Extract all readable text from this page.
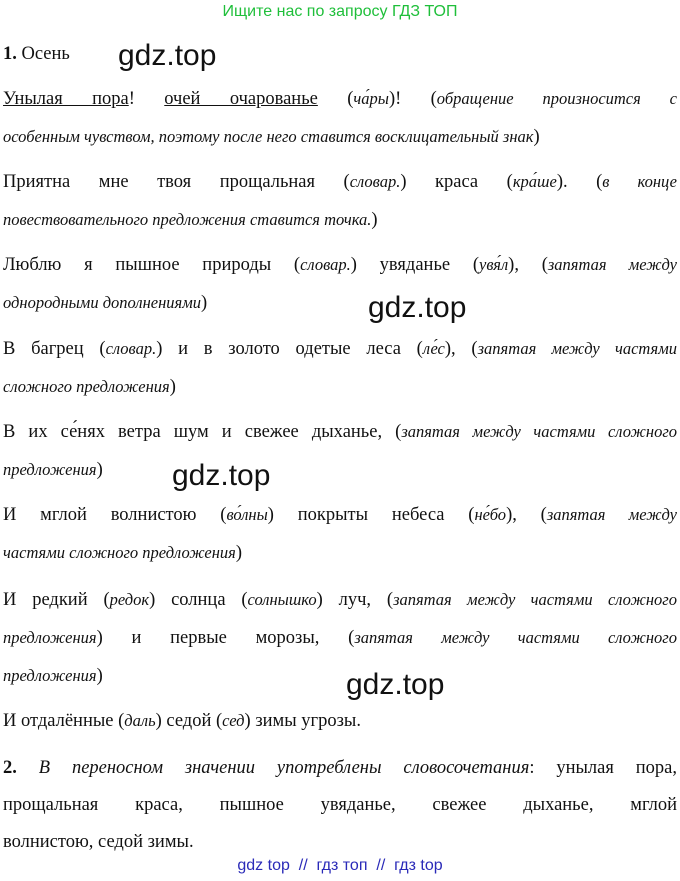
Ищите нас по запросу ГДЗ ТОП
gdz.top
gdz.top
gdz.top
gdz.top
1. Осень
Унылая пора! очей очарованье (ча́ры)! (обращение произносится с
особенным чувством, поэтому после него ставится восклицательный знак)
Приятна мне твоя прощальная (словар.) краса (кра́ше). (в конце
повествовательного предложения ставится точка.)
Люблю я пышное природы (словар.) увяданье (увя́л), (запятая между
однородными дополнениями)
В багрец (словар.) и в золото одетые леса (ле́с), (запятая между частями
сложного предложения)
В их се́нях ветра шум и свежее дыханье, (запятая между частями сложного
предложения)
И мглой волнистою (во́лны) покрыты небеса (не́бо), (запятая между
частями сложного предложения)
И редкий (редок) солнца (солнышко) луч, (запятая между частями сложного
предложения) и первые морозы, (запятая между частями сложного
предложения)
И отдалённые (даль) седой (сед) зимы угрозы.
2. В переносном значении употреблены словосочетания: унылая пора,
прощальная краса, пышное увяданье, свежее дыханье, мглой
волнистою, седой зимы.
gdz top  //  гдз топ  //  гдз top
